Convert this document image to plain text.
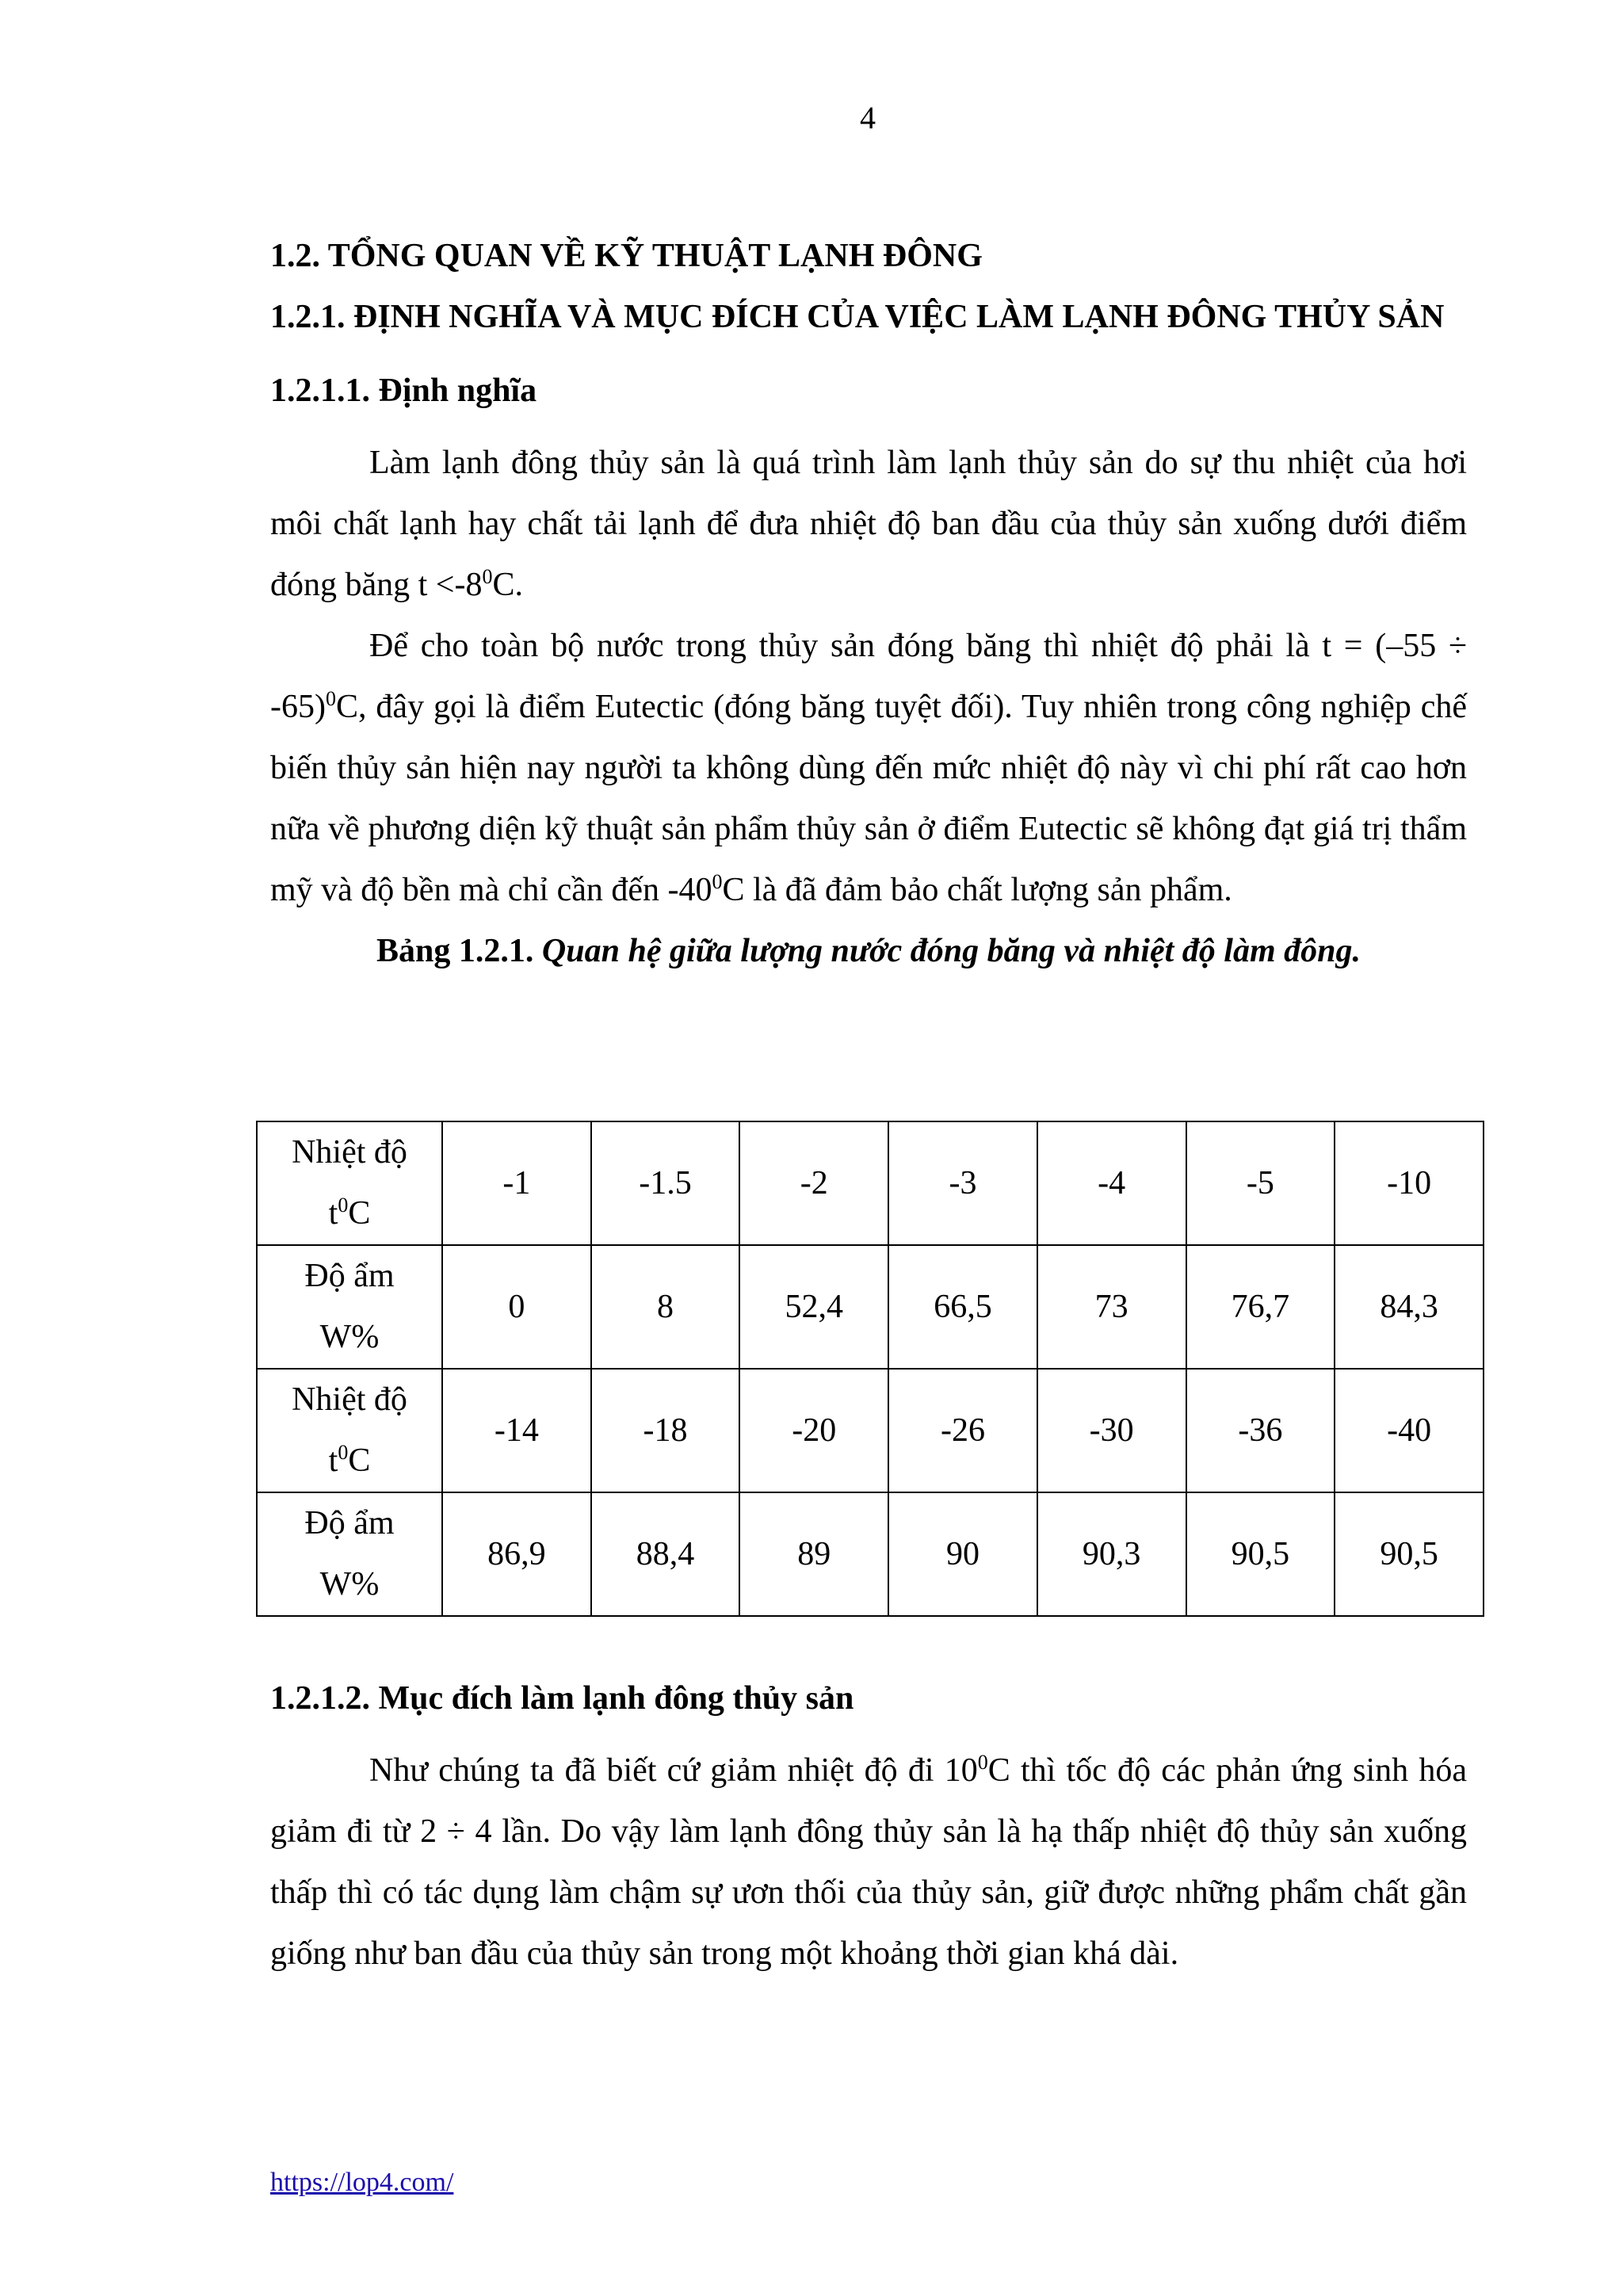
4

1.2. TỔNG QUAN VỀ KỸ THUẬT LẠNH ĐÔNG

1.2.1. ĐỊNH NGHĨA VÀ MỤC ĐÍCH CỦA VIỆC LÀM LẠNH ĐÔNG THỦY SẢN

1.2.1.1. Định nghĩa

Làm lạnh đông thủy sản là quá trình làm lạnh thủy sản do sự thu nhiệt của hơi môi chất lạnh hay chất tải lạnh để đưa nhiệt độ ban đầu của thủy sản xuống dưới điểm đóng băng $t <-8^0C$.

Để cho toàn bộ nước trong thủy sản đóng băng thì nhiệt độ phải là $t = (-55 \div -65)^0C$, đây gọi là điểm Eutectic (đóng băng tuyệt đối). Tuy nhiên trong công nghiệp chế biến thủy sản hiện nay người ta không dùng đến mức nhiệt độ này vì chi phí rất cao hơn nữa về phương diện kỹ thuật sản phẩm thủy sản ở điểm Eutectic sẽ không đạt giá trị thẩm mỹ và độ bền mà chỉ cần đến $-40^0C$ là đã đảm bảo chất lượng sản phẩm.

Bảng 1.2.1. Quan hệ giữa lượng nước đóng băng và nhiệt độ làm đông.

Nhiệt độ
$t^0C$	-1	-1.5	-2	-3	-4	-5	-10
Độ ẩm
W%	0	8	52,4	66,5	73	76,7	84,3
Nhiệt độ
$t^0C$	-14	-18	-20	-26	-30	-36	-40
Độ ẩm
W%	86,9	88,4	89	90	90,3	90,5	90,5

1.2.1.2. Mục đích làm lạnh đông thủy sản

Như chúng ta đã biết cứ giảm nhiệt độ đi $10^0C$ thì tốc độ các phản ứng sinh hóa giảm đi từ 2 ÷ 4 lần. Do vậy làm lạnh đông thủy sản là hạ thấp nhiệt độ thủy sản xuống thấp thì có tác dụng làm chậm sự ươn thối của thủy sản, giữ được những phẩm chất gần giống như ban đầu của thủy sản trong một khoảng thời gian khá dài.

https://lop4.com/
